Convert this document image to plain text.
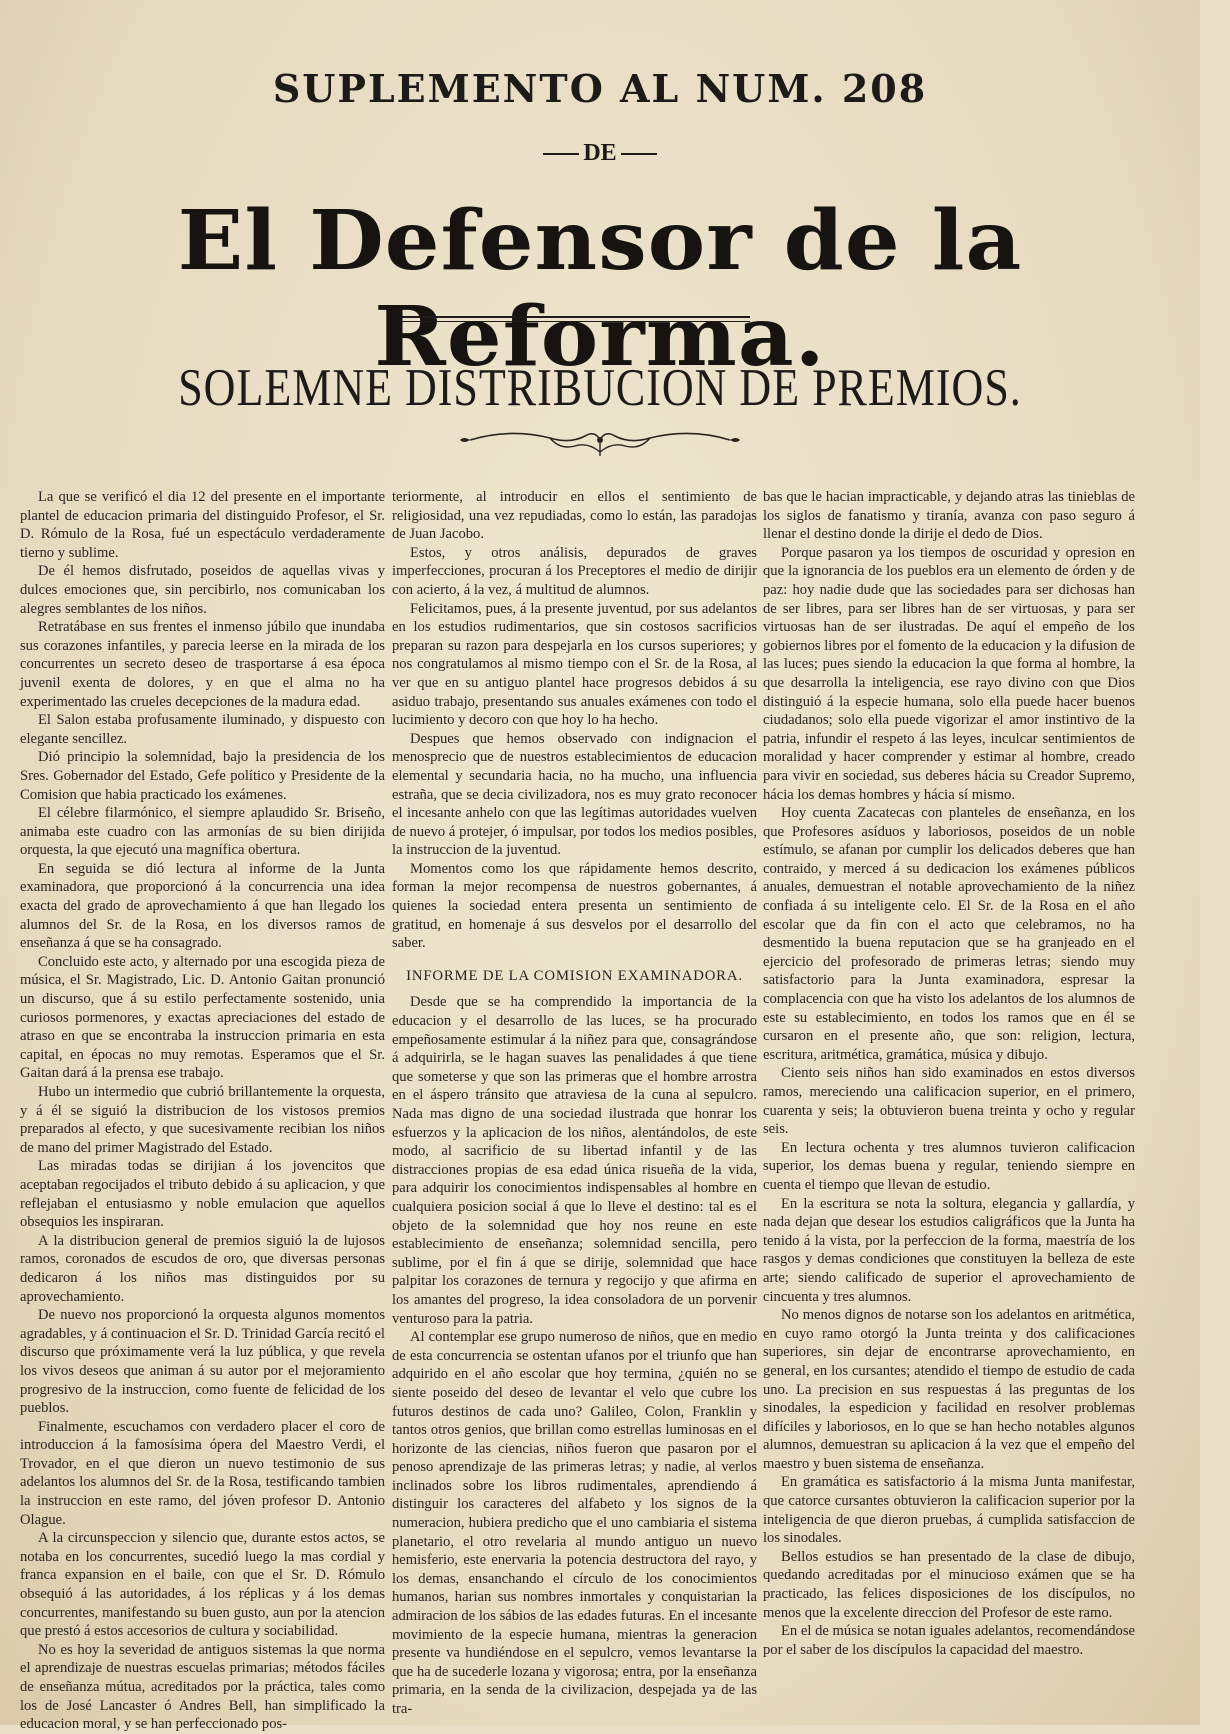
SUPLEMENTO AL NUM. 208
DE
El Defensor de la Reforma.
SOLEMNE DISTRIBUCION DE PREMIOS.

La que se verificó el dia 12 del presente en el importante plantel de educacion primaria del distinguido Profesor, el Sr. D. Rómulo de la Rosa, fué un espectáculo verdaderamente tierno y sublime.

De él hemos disfrutado, poseidos de aquellas vivas y dulces emociones que, sin percibirlo, nos comunicaban los alegres semblantes de los niños.

Retratábase en sus frentes el inmenso júbilo que inundaba sus corazones infantiles, y parecia leerse en la mirada de los concurrentes un secreto deseo de trasportarse á esa época juvenil exenta de dolores, y en que el alma no ha experimentado las crueles decepciones de la madura edad.

El Salon estaba profusamente iluminado, y dispuesto con elegante sencillez.

Dió principio la solemnidad, bajo la presidencia de los Sres. Gobernador del Estado, Gefe político y Presidente de la Comision que habia practicado los exámenes.

El célebre filarmónico, el siempre aplaudido Sr. Briseño, animaba este cuadro con las armonías de su bien dirijida orquesta, la que ejecutó una magnífica obertura.

En seguida se dió lectura al informe de la Junta examinadora, que proporcionó á la concurrencia una idea exacta del grado de aprovechamiento á que han llegado los alumnos del Sr. de la Rosa, en los diversos ramos de enseñanza á que se ha consagrado.

Concluido este acto, y alternado por una escogida pieza de música, el Sr. Magistrado, Lic. D. Antonio Gaitan pronunció un discurso, que á su estilo perfectamente sostenido, unia curiosos pormenores, y exactas apreciaciones del estado de atraso en que se encontraba la instruccion primaria en esta capital, en épocas no muy remotas. Esperamos que el Sr. Gaitan dará á la prensa ese trabajo.

Hubo un intermedio que cubrió brillantemente la orquesta, y á él se siguió la distribucion de los vistosos premios preparados al efecto, y que sucesivamente recibian los niños de mano del primer Magistrado del Estado.

Las miradas todas se dirijian á los jovencitos que aceptaban regocijados el tributo debido á su aplicacion, y que reflejaban el entusiasmo y noble emulacion que aquellos obsequios les inspiraran.

A la distribucion general de premios siguió la de lujosos ramos, coronados de escudos de oro, que diversas personas dedicaron á los niños mas distinguidos por su aprovechamiento.

De nuevo nos proporcionó la orquesta algunos momentos agradables, y á continuacion el Sr. D. Trinidad García recitó el discurso que próximamente verá la luz pública, y que revela los vivos deseos que animan á su autor por el mejoramiento progresivo de la instruccion, como fuente de felicidad de los pueblos.

Finalmente, escuchamos con verdadero placer el coro de introduccion á la famosísima ópera del Maestro Verdi, el Trovador, en el que dieron un nuevo testimonio de sus adelantos los alumnos del Sr. de la Rosa, testificando tambien la instruccion en este ramo, del jóven profesor D. Antonio Olague.

A la circunspeccion y silencio que, durante estos actos, se notaba en los concurrentes, sucedió luego la mas cordial y franca expansion en el baile, con que el Sr. D. Rómulo obsequió á las autoridades, á los réplicas y á los demas concurrentes, manifestando su buen gusto, aun por la atencion que prestó á estos accesorios de cultura y sociabilidad.

No es hoy la severidad de antiguos sistemas la que norma el aprendizaje de nuestras escuelas primarias; métodos fáciles de enseñanza mútua, acreditados por la práctica, tales como los de José Lancaster ó Andres Bell, han simplificado la educacion moral, y se han perfeccionado pos-

teriormente, al introducir en ellos el sentimiento de religiosidad, una vez repudiadas, como lo están, las paradojas de Juan Jacobo.

Estos, y otros análisis, depurados de graves imperfecciones, procuran á los Preceptores el medio de dirijir con acierto, á la vez, á multitud de alumnos.

Felicitamos, pues, á la presente juventud, por sus adelantos en los estudios rudimentarios, que sin costosos sacrificios preparan su razon para despejarla en los cursos superiores; y nos congratulamos al mismo tiempo con el Sr. de la Rosa, al ver que en su antiguo plantel hace progresos debidos á su asiduo trabajo, presentando sus anuales exámenes con todo el lucimiento y decoro con que hoy lo ha hecho.

Despues que hemos observado con indignacion el menosprecio que de nuestros establecimientos de educacion elemental y secundaria hacia, no ha mucho, una influencia estraña, que se decia civilizadora, nos es muy grato reconocer el incesante anhelo con que las legítimas autoridades vuelven de nuevo á protejer, ó impulsar, por todos los medios posibles, la instruccion de la juventud.

Momentos como los que rápidamente hemos descrito, forman la mejor recompensa de nuestros gobernantes, á quienes la sociedad entera presenta un sentimiento de gratitud, en homenaje á sus desvelos por el desarrollo del saber.

INFORME DE LA COMISION EXAMINADORA.

Desde que se ha comprendido la importancia de la educacion y el desarrollo de las luces, se ha procurado empeñosamente estimular á la niñez para que, consagrándose á adquirirla, se le hagan suaves las penalidades á que tiene que someterse y que son las primeras que el hombre arrostra en el áspero tránsito que atraviesa de la cuna al sepulcro. Nada mas digno de una sociedad ilustrada que honrar los esfuerzos y la aplicacion de los niños, alentándolos, de este modo, al sacrificio de su libertad infantil y de las distracciones propias de esa edad única risueña de la vida, para adquirir los conocimientos indispensables al hombre en cualquiera posicion social á que lo lleve el destino: tal es el objeto de la solemnidad que hoy nos reune en este establecimiento de enseñanza; solemnidad sencilla, pero sublime, por el fin á que se dirije, solemnidad que hace palpitar los corazones de ternura y regocijo y que afirma en los amantes del progreso, la idea consoladora de un porvenir venturoso para la patria.

Al contemplar ese grupo numeroso de niños, que en medio de esta concurrencia se ostentan ufanos por el triunfo que han adquirido en el año escolar que hoy termina, ¿quién no se siente poseido del deseo de levantar el velo que cubre los futuros destinos de cada uno? Galileo, Colon, Franklin y tantos otros genios, que brillan como estrellas luminosas en el horizonte de las ciencias, niños fueron que pasaron por el penoso aprendizaje de las primeras letras; y nadie, al verlos inclinados sobre los libros rudimentales, aprendiendo á distinguir los caracteres del alfabeto y los signos de la numeracion, hubiera predicho que el uno cambiaria el sistema planetario, el otro revelaria al mundo antiguo un nuevo hemisferio, este enervaria la potencia destructora del rayo, y los demas, ensanchando el círculo de los conocimientos humanos, harian sus nombres inmortales y conquistarian la admiracion de los sábios de las edades futuras. En el incesante movimiento de la especie humana, mientras la generacion presente va hundiéndose en el sepulcro, vemos levantarse la que ha de sucederle lozana y vigorosa; entra, por la enseñanza primaria, en la senda de la civilizacion, despejada ya de las tra-

bas que le hacian impracticable, y dejando atras las tinieblas de los siglos de fanatismo y tiranía, avanza con paso seguro á llenar el destino donde la dirije el dedo de Dios.

Porque pasaron ya los tiempos de oscuridad y opresion en que la ignorancia de los pueblos era un elemento de órden y de paz: hoy nadie dude que las sociedades para ser dichosas han de ser libres, para ser libres han de ser virtuosas, y para ser virtuosas han de ser ilustradas. De aquí el empeño de los gobiernos libres por el fomento de la educacion y la difusion de las luces; pues siendo la educacion la que forma al hombre, la que desarrolla la inteligencia, ese rayo divino con que Dios distinguió á la especie humana, solo ella puede hacer buenos ciudadanos; solo ella puede vigorizar el amor instintivo de la patria, infundir el respeto á las leyes, inculcar sentimientos de moralidad y hacer comprender y estimar al hombre, creado para vivir en sociedad, sus deberes hácia su Creador Supremo, hácia los demas hombres y hácia sí mismo.

Hoy cuenta Zacatecas con planteles de enseñanza, en los que Profesores asíduos y laboriosos, poseidos de un noble estímulo, se afanan por cumplir los delicados deberes que han contraido, y merced á su dedicacion los exámenes públicos anuales, demuestran el notable aprovechamiento de la niñez confiada á su inteligente celo. El Sr. de la Rosa en el año escolar que da fin con el acto que celebramos, no ha desmentido la buena reputacion que se ha granjeado en el ejercicio del profesorado de primeras letras; siendo muy satisfactorio para la Junta examinadora, espresar la complacencia con que ha visto los adelantos de los alumnos de este su establecimiento, en todos los ramos que en él se cursaron en el presente año, que son: religion, lectura, escritura, aritmética, gramática, música y dibujo.

Ciento seis niños han sido examinados en estos diversos ramos, mereciendo una calificacion superior, en el primero, cuarenta y seis; la obtuvieron buena treinta y ocho y regular seis.

En lectura ochenta y tres alumnos tuvieron calificacion superior, los demas buena y regular, teniendo siempre en cuenta el tiempo que llevan de estudio.

En la escritura se nota la soltura, elegancia y gallardía, y nada dejan que desear los estudios caligráficos que la Junta ha tenido á la vista, por la perfeccion de la forma, maestría de los rasgos y demas condiciones que constituyen la belleza de este arte; siendo calificado de superior el aprovechamiento de cincuenta y tres alumnos.

No menos dignos de notarse son los adelantos en aritmética, en cuyo ramo otorgó la Junta treinta y dos calificaciones superiores, sin dejar de encontrarse aprovechamiento, en general, en los cursantes; atendido el tiempo de estudio de cada uno. La precision en sus respuestas á las preguntas de los sinodales, la espedicion y facilidad en resolver problemas difíciles y laboriosos, en lo que se han hecho notables algunos alumnos, demuestran su aplicacion á la vez que el empeño del maestro y buen sistema de enseñanza.

En gramática es satisfactorio á la misma Junta manifestar, que catorce cursantes obtuvieron la calificacion superior por la inteligencia de que dieron pruebas, á cumplida satisfaccion de los sinodales.

Bellos estudios se han presentado de la clase de dibujo, quedando acreditadas por el minucioso exámen que se ha practicado, las felices disposiciones de los discípulos, no menos que la excelente direccion del Profesor de este ramo.

En el de música se notan iguales adelantos, recomendándose por el saber de los discípulos la capacidad del maestro.
